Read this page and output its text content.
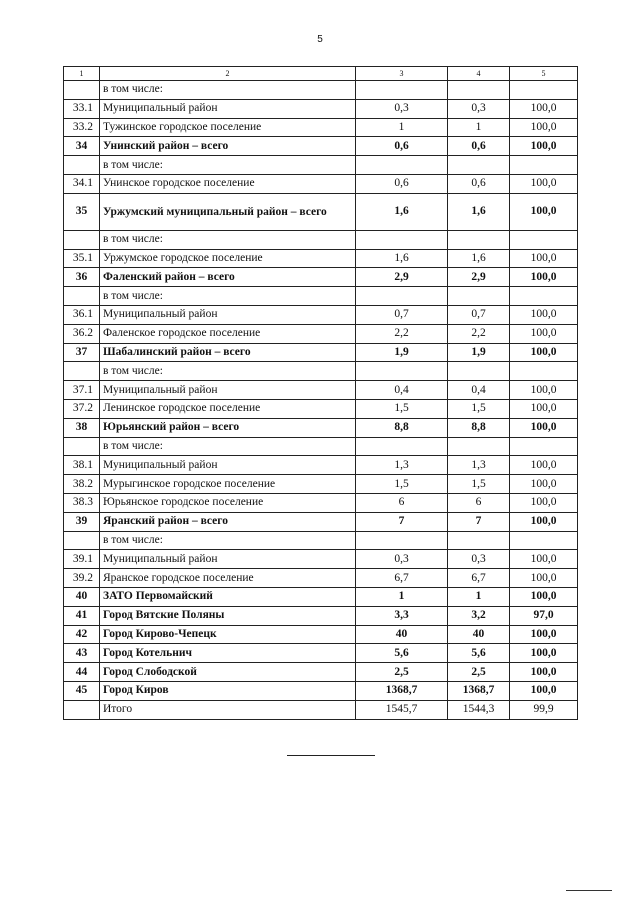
5
1	2	3	4	5
	в том числе:			
33.1	Муниципальный район	0,3	0,3	100,0
33.2	Тужинское городское поселение	1	1	100,0
34	Унинский район – всего	0,6	0,6	100,0
	в том числе:			
34.1	Унинское городское поселение	0,6	0,6	100,0
35	Уржумский муниципальный район – всего	1,6	1,6	100,0
	в том числе:			
35.1	Уржумское городское поселение	1,6	1,6	100,0
36	Фаленский район – всего	2,9	2,9	100,0
	в том числе:			
36.1	Муниципальный район	0,7	0,7	100,0
36.2	Фаленское городское поселение	2,2	2,2	100,0
37	Шабалинский район – всего	1,9	1,9	100,0
	в том числе:			
37.1	Муниципальный район	0,4	0,4	100,0
37.2	Ленинское городское поселение	1,5	1,5	100,0
38	Юрьянский район – всего	8,8	8,8	100,0
	в том числе:			
38.1	Муниципальный район	1,3	1,3	100,0
38.2	Мурыгинское городское поселение	1,5	1,5	100,0
38.3	Юрьянское городское поселение	6	6	100,0
39	Яранский район – всего	7	7	100,0
	в том числе:			
39.1	Муниципальный район	0,3	0,3	100,0
39.2	Яранское городское поселение	6,7	6,7	100,0
40	ЗАТО Первомайский	1	1	100,0
41	Город Вятские Поляны	3,3	3,2	97,0
42	Город Кирово-Чепецк	40	40	100,0
43	Город Котельнич	5,6	5,6	100,0
44	Город Слободской	2,5	2,5	100,0
45	Город Киров	1368,7	1368,7	100,0
	Итого	1545,7	1544,3	99,9
